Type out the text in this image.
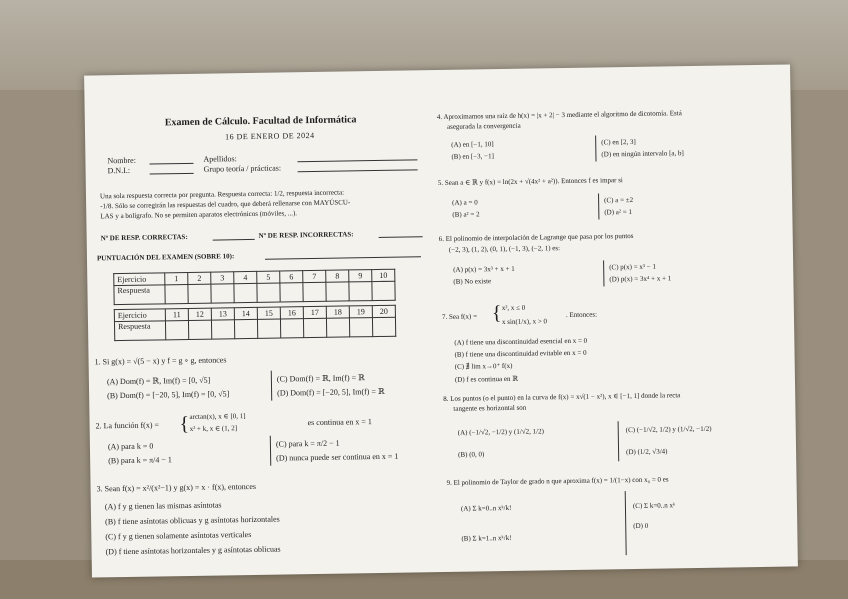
Examen de Cálculo. Facultad de Informática
16 DE ENERO DE 2024
Nombre:	Apellidos:
D.N.I.:	Grupo teoría / prácticas:
Una sola respuesta correcta por pregunta. Respuesta correcta: 1/2, respuesta incorrecta:
-1/8. Sólo se corregirán las respuestas del cuadro, que deberá rellenarse con MAYÚSCU-
LAS y a bolígrafo. No se permiten aparatos electrónicos (móviles, ...).
Nº DE RESP. CORRECTAS:	Nº DE RESP. INCORRECTAS:
PUNTUACIÓN DEL EXAMEN (SOBRE 10):
Ejercicio	1	2	3	4	5	6	7	8	9	10
Respuesta										
Ejercicio	11	12	13	14	15	16	17	18	19	20
Respuesta										
1. Si g(x) = √(5 − x) y f = g ∘ g, entonces
(A) Dom(f) = ℝ, Im(f) = [0, √5]
(B) Dom(f) = [−20, 5], Im(f) = [0, √5]
(C) Dom(f) = ℝ, Im(f) = ℝ
(D) Dom(f) = [−20, 5], Im(f) = ℝ
2. La función f(x) = { arctan(x), x ∈ [0, 1]
x² + k, x ∈ (1, 2]
es continua en x = 1
(A) para k = 0
(B) para k = π/4 − 1
(C) para k = π/2 − 1
(D) nunca puede ser continua en x = 1
3. Sean f(x) = x²/(x²−1) y g(x) = x · f(x), entonces
(A) f y g tienen las mismas asíntotas
(B) f tiene asíntotas oblicuas y g asíntotas horizontales
(C) f y g tienen solamente asíntotas verticales
(D) f tiene asíntotas horizontales y g asíntotas oblicuas
4. Aproximamos una raíz de h(x) = |x + 2| − 3 mediante el algoritmo de dicotomía. Está
asegurada la convergencia
(A) en [−1, 10]
(B) en [−3, −1]
(C) en [2, 3]
(D) en ningún intervalo [a, b]
5. Sean a ∈ ℝ y f(x) = ln(2x + √(4x² + a²)). Entonces f es impar si
(A) a = 0
(B) a² = 2
(C) a = ±2
(D) a² = 1
6. El polinomio de interpolación de Lagrange que pasa por los puntos
(−2, 3), (1, 2), (0, 1), (−1, 3), (−2, 1) es:
(A) p(x) = 3x³ + x + 1
(B) No existe
(C) p(x) = x³ − 1
(D) p(x) = 3x⁴ + x + 1
7. Sea f(x) = { x², x ≤ 0
x sin(1/x), x > 0
. Entonces:
(A) f tiene una discontinuidad esencial en x = 0
(B) f tiene una discontinuidad evitable en x = 0
(C) ∄ lim x→0⁺ f(x)
(D) f es continua en ℝ
8. Los puntos (o el punto) en la curva de f(x) = x√(1 − x²), x ∈ [−1, 1] donde la recta
tangente es horizontal son
(A) (−1/√2, −1/2) y (1/√2, 1/2)
(B) (0, 0)
(C) (−1/√2, 1/2) y (1/√2, −1/2)
(D) (1/2, √3/4)
9. El polinomio de Taylor de grado n que aproxima f(x) = 1/(1−x) con x₀ = 0 es
(A) Σ k=0..n xᵏ/k!
(B) Σ k=1..n xᵏ/k!
(C) Σ k=0..n xᵏ
(D) 0
